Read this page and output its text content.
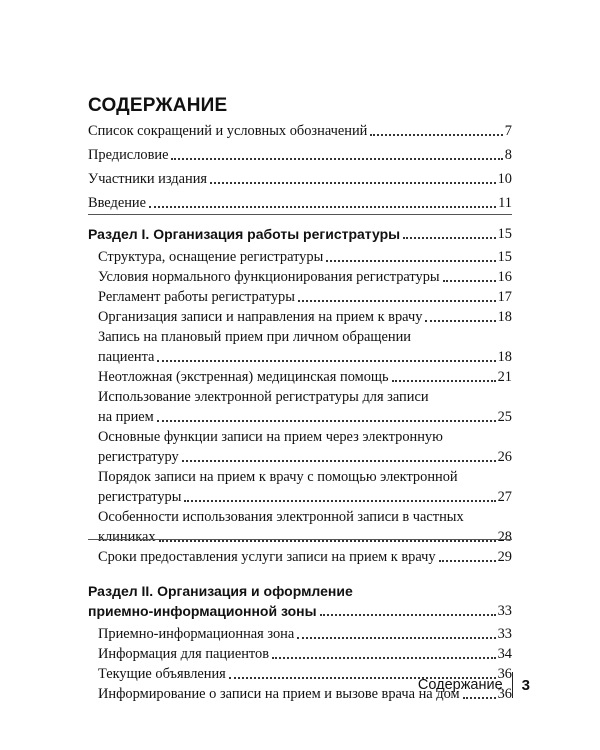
СОДЕРЖАНИЕ
Список сокращений и условных обозначений	7
Предисловие	8
Участники издания	10
Введение	11
Раздел I. Организация работы регистратуры	15
Структура, оснащение регистратуры	15
Условия нормального функционирования регистратуры	16
Регламент работы регистратуры	17
Организация записи и направления на прием к врачу	18
Запись на плановый прием при личном обращении
пациента	18
Неотложная (экстренная) медицинская помощь	21
Использование электронной регистратуры для записи
на прием	25
Основные функции записи на прием через электронную
регистратуру	26
Порядок записи на прием к врачу с помощью электронной
регистратуры	27
Особенности использования электронной записи в частных
клиниках	28
Сроки предоставления услуги записи на прием к врачу	29
Раздел II. Организация и оформление
приемно-информационной зоны	33
Приемно-информационная зона	33
Информация для пациентов	34
Текущие объявления	36
Информирование о записи на прием и вызове врача на дом	36
Содержание 3
